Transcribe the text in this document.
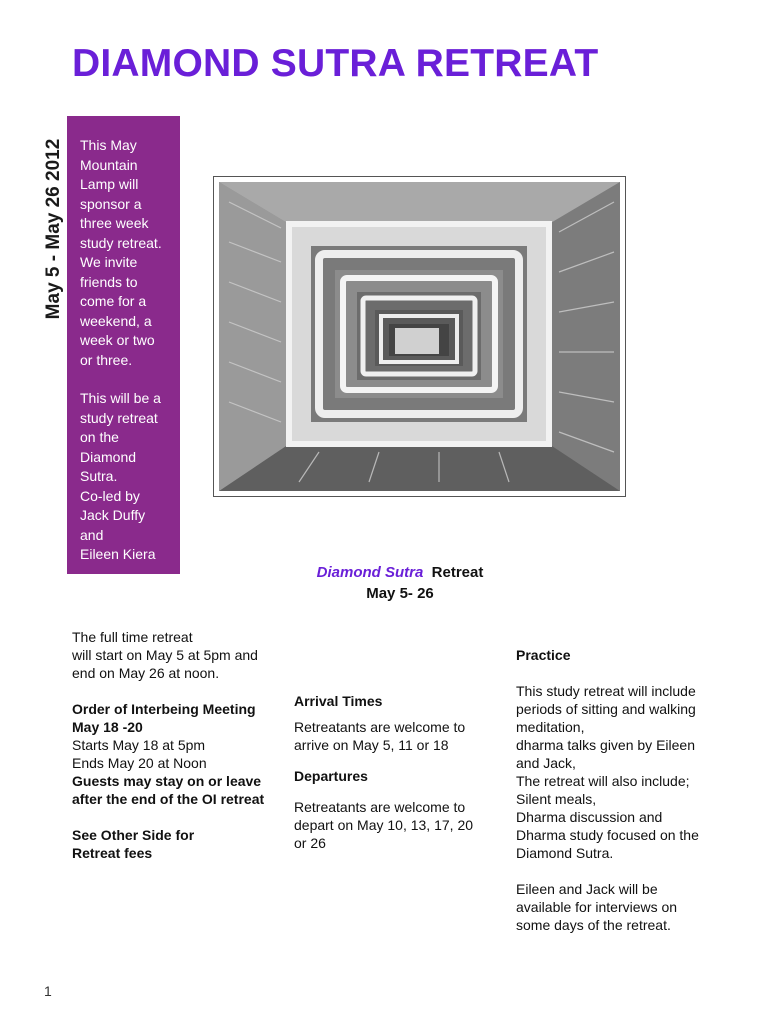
DIAMOND SUTRA RETREAT
May 5 - May 26 2012 This May
Mountain
Lamp will
sponsor a
three week
study retreat.
We invite
friends to
come for a
weekend, a
week or two
or three.

This will be a
study retreat
on the
Diamond
Sutra.
Co-led by
Jack Duffy
and
Eileen Kiera

Diamond Sutra Retreat
May 5- 26

The full time retreat

will start on May 5 at 5pm and

end on May 26 at noon.

Order of Interbeing Meeting

May 18 -20

Starts May 18 at 5pm

Ends May 20 at Noon

Guests may stay on or leave

after the end of the OI retreat

See Other Side for

Retreat fees

Arrival Times

Retreatants are welcome to

arrive on May 5, 11 or 18

Departures

Retreatants are welcome to

depart on May 10, 13, 17, 20

or 26

Practice

This study retreat will include

periods of sitting and walking

meditation,

dharma talks given by Eileen

and Jack,

The retreat will also include;

Silent meals,

Dharma discussion and

Dharma study focused on the

Diamond Sutra.

Eileen and Jack will be

available for interviews on

some days of the retreat.

1
